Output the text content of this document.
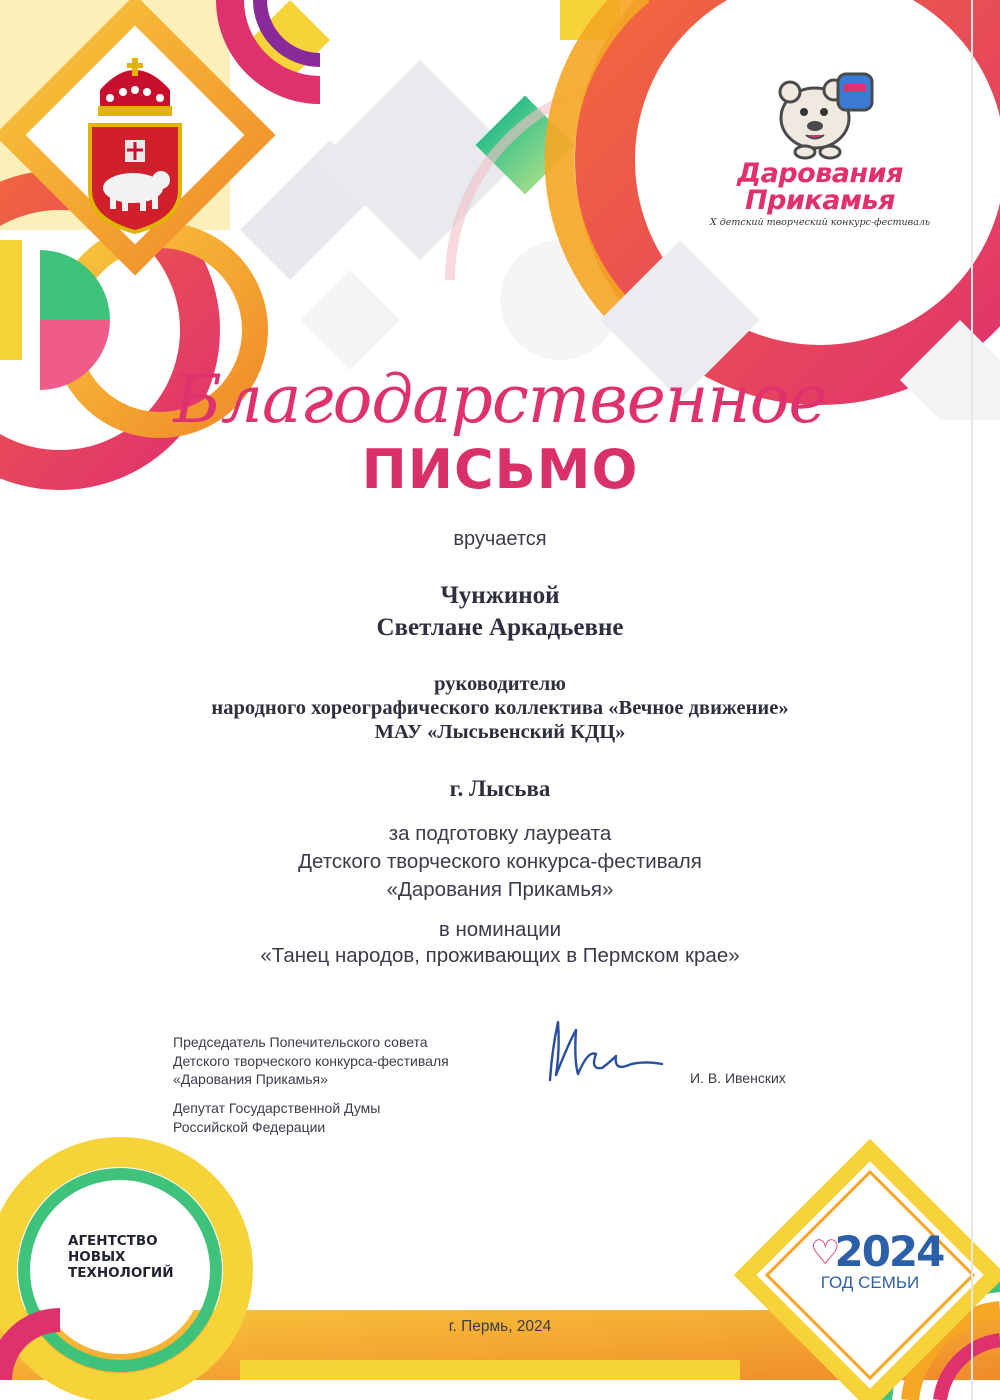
Дарования
Прикамья
X детский творческий конкурс-фестиваль
Благодарственное
ПИСЬМО
вручается
Чунжиной
Светлане Аркадьевне
руководителю
народного хореографического коллектива «Вечное движение»
МАУ «Лысьвенский КДЦ»
г. Лысьва
за подготовку лауреата
Детского творческого конкурса-фестиваля
«Дарования Прикамья»
в номинации
«Танец народов, проживающих в Пермском крае»
Председатель Попечительского совета
Детского творческого конкурса-фестиваля
«Дарования Прикамья»
Депутат Государственной Думы
Российской Федерации
И. В. Ивенских
АГЕНТСТВО
НОВЫХ
ТЕХНОЛОГИЙ	♡2024
ГОД СЕМЬИ
г. Пермь, 2024
